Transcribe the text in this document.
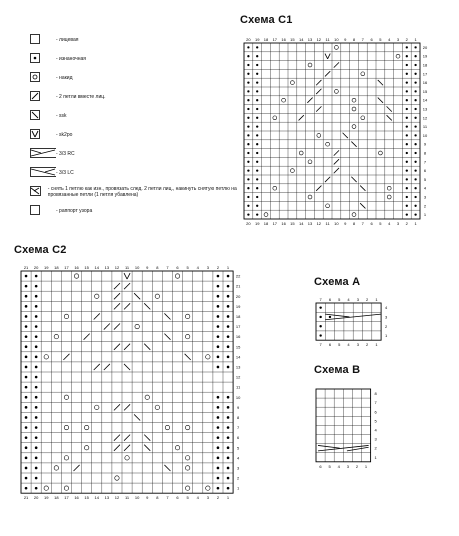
- лицевая
- изнаночная
- накид
- 2 петли вместе лиц.
- ssk
- sk2po
- 3/3 RC
- 3/3 LC
- снять 1 петлю как изн., провязать след. 2 петли лиц., накинуть снятую петлю на провязанные петли (1 петля убавлена)
- раппорт узора
Схема C1
Схема C2
Схема A
Схема B
20
20
19
19
18
18
17
17
16
16
15
15
14
14
13
13
12
12
11
11
10
10
9
9
8
8
7
7
6
6
5
5
4
4
3
3
2
2
1
1
20
19
18
17
16
15
14
13
12
11
10
9
8
7
6
5
4
3
2
1
21
21
20
20
19
19
18
18
17
17
16
16
15
15
14
14
13
13
12
12
11
11
10
10
9
9
8
8
7
7
6
6
5
5
4
4
3
3
2
2
1
1
22
21
20
19
18
17
16
15
14
13
12
11
10
9
8
7
6
5
4
3
2
1
7
7
6
6
5
5
4
4
3
3
2
2
1
1
4
3
2
1
6 5 4 3 2 1
8
7
6
5
4
3
2
1
